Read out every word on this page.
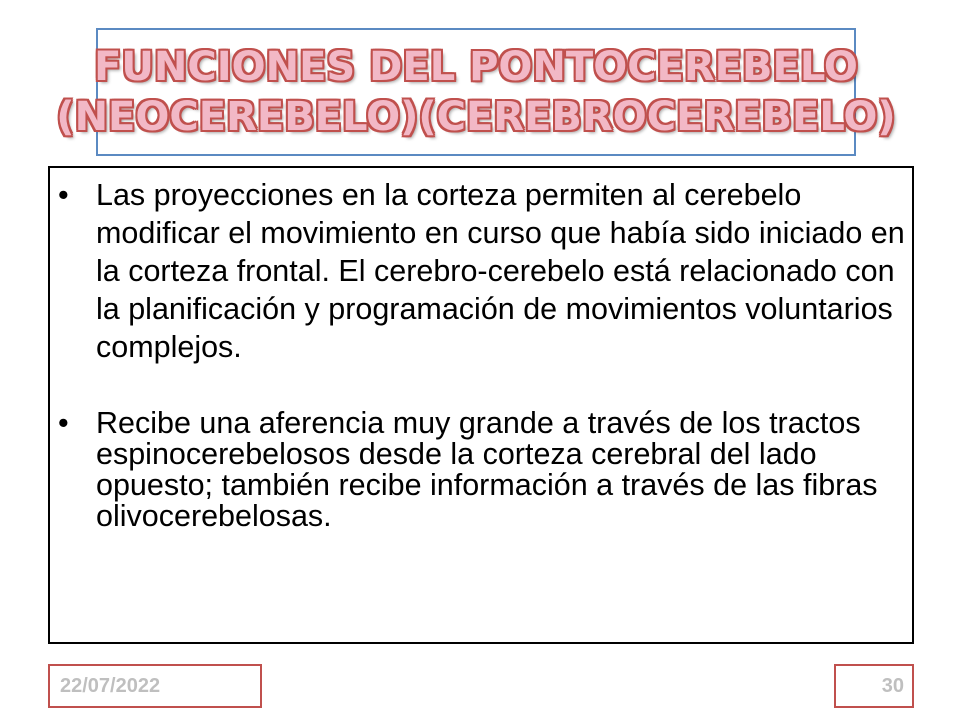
FUNCIONES DEL PONTOCEREBELO
(NEOCEREBELO)(CEREBROCEREBELO)
• Las proyecciones en la corteza permiten al cerebelo modificar el movimiento en curso que había sido iniciado en la corteza frontal. El cerebro-cerebelo está relacionado con la planificación y programación de movimientos voluntarios complejos.
• Recibe una aferencia muy grande a través de los tractos espinocerebelosos desde la corteza cerebral del lado opuesto; también recibe información a través de las fibras olivocerebelosas.
22/07/2022	30
